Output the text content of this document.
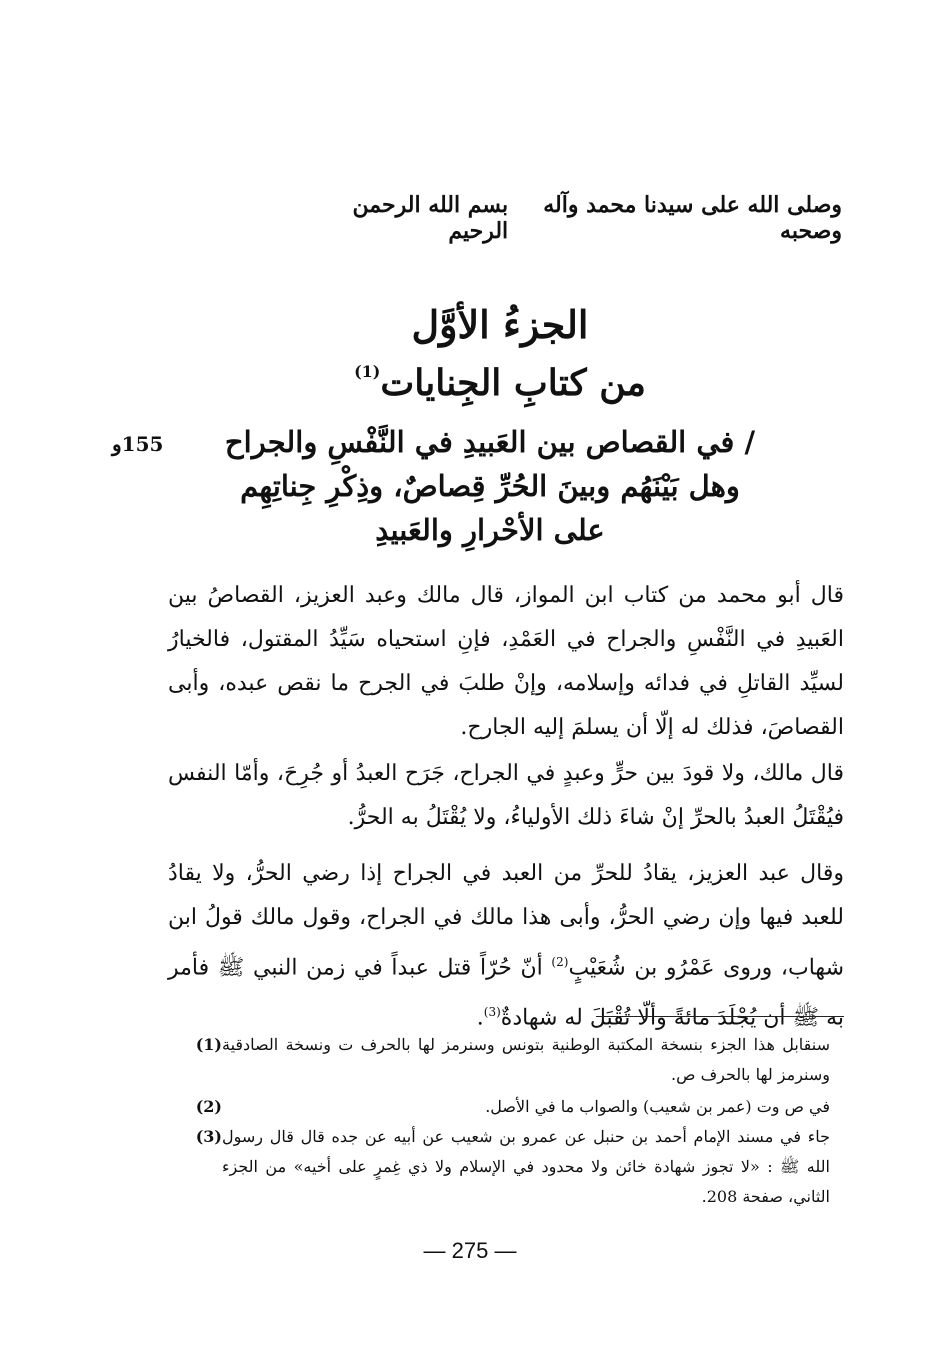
بسم الله الرحمن الرحيم
وصلى الله على سيدنا محمد وآله وصحبه
الجزءُ الأوَّل
من كتابِ الجِنايات$^{(1)}$
155و	/ في القصاص بين العَبيدِ في النَّفْسِ والجراح
وهل بَيْنَهُم وبينَ الحُرِّ قِصاصٌ، وذِكْرِ جِناتِهِم
على الأحْرارِ والعَبيدِ

قال أبو محمد من كتاب ابن المواز، قال مالك وعبد العزيز، القصاصُ بين العَبيدِ في النَّفْسِ والجراح في العَمْدِ، فإنِ استحياه سَيِّدُ المقتول، فالخيارُ لسيِّد القاتلِ في فدائه وإسلامه، وإنْ طلبَ في الجرح ما نقص عبده، وأبى القصاصَ، فذلك له إلّا أن يسلمَ إليه الجارح.

قال مالك، ولا قودَ بين حرٍّ وعبدٍ في الجراح، جَرَح العبدُ أو جُرِحَ، وأمّا النفس فيُقْتَلُ العبدُ بالحرِّ إنْ شاءَ ذلك الأولياءُ، ولا يُقْتَلُ به الحرُّ.

وقال عبد العزيز، يقادُ للحرِّ من العبد في الجراح إذا رضي الحرُّ، ولا يقادُ للعبد فيها وإن رضي الحرُّ، وأبى هذا مالك في الجراح، وقول مالك قولُ ابن شهاب، وروى عَمْرُو بن شُعَيْبٍ$^{(2)}$ أنّ حُرّاً قتل عبداً في زمن النبي ﷺ فأمر به ﷺ أن يُجْلَدَ مائةً وألّا تُقْبَلَ له شهادةٌ$^{(3)}$.

(1) سنقابل هذا الجزء بنسخة المكتبة الوطنية بتونس وسنرمز لها بالحرف ت ونسخة الصادقية وسنرمز لها بالحرف ص.
(2)	في ص وت (عمر بن شعيب) والصواب ما في الأصل.
(3) جاء في مسند الإمام أحمد بن حنبل عن عمرو بن شعيب عن أبيه عن جده قال قال رسول الله ﷺ : «لا تجوز شهادة خائن ولا محدود في الإسلام ولا ذي غِمرٍ على أخيه» من الجزء الثاني، صفحة 208.
— 275 —
